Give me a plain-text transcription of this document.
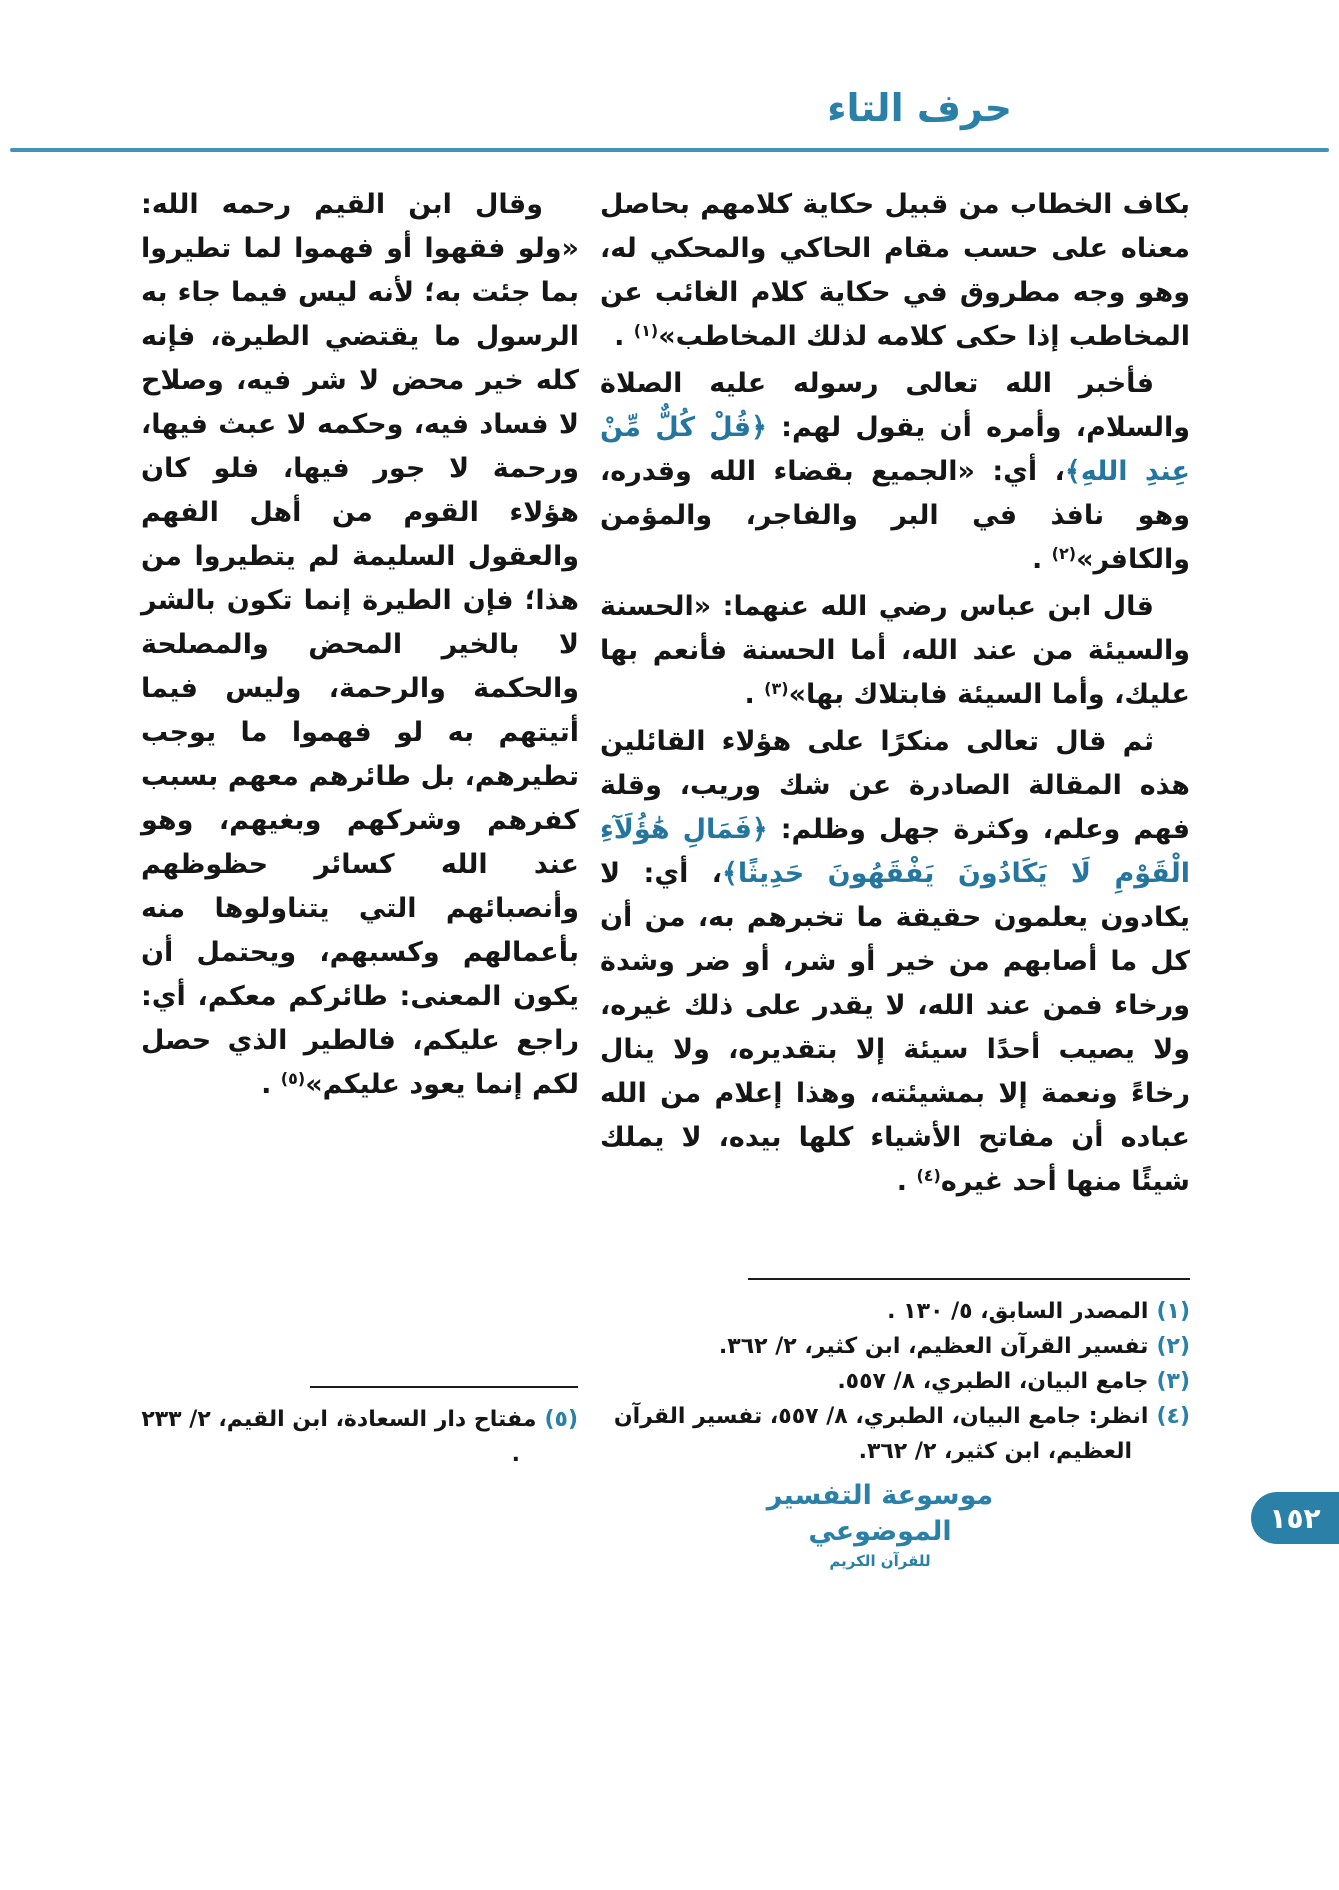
حرف التاء

بكاف الخطاب من قبيل حكاية كلامهم بحاصل معناه على حسب مقام الحاكي والمحكي له، وهو وجه مطروق في حكاية كلام الغائب عن المخاطب إذا حكى كلامه لذلك المخاطب»$^{(١)}$ .

فأخبر الله تعالى رسوله عليه الصلاة والسلام، وأمره أن يقول لهم: ﴿قُلْ كُلٌّ مِّنْ عِندِ اللهِ﴾، أي: «الجميع بقضاء الله وقدره، وهو نافذ في البر والفاجر، والمؤمن والكافر»$^{(٢)}$ .

قال ابن عباس رضي الله عنهما: «الحسنة والسيئة من عند الله، أما الحسنة فأنعم بها عليك، وأما السيئة فابتلاك بها»$^{(٣)}$ .

ثم قال تعالى منكرًا على هؤلاء القائلين هذه المقالة الصادرة عن شك وريب، وقلة فهم وعلم، وكثرة جهل وظلم: ﴿فَمَالِ هَٰؤُلَآءِ الْقَوْمِ لَا يَكَادُونَ يَفْقَهُونَ حَدِيثًا﴾، أي: لا يكادون يعلمون حقيقة ما تخبرهم به، من أن كل ما أصابهم من خير أو شر، أو ضر وشدة ورخاء فمن عند الله، لا يقدر على ذلك غيره، ولا يصيب أحدًا سيئة إلا بتقديره، ولا ينال رخاءً ونعمة إلا بمشيئته، وهذا إعلام من الله عباده أن مفاتح الأشياء كلها بيده، لا يملك شيئًا منها أحد غيره$^{(٤)}$ .

وقال ابن القيم رحمه الله: «ولو فقهوا أو فهموا لما تطيروا بما جئت به؛ لأنه ليس فيما جاء به الرسول ما يقتضي الطيرة، فإنه كله خير محض لا شر فيه، وصلاح لا فساد فيه، وحكمه لا عبث فيها، ورحمة لا جور فيها، فلو كان هؤلاء القوم من أهل الفهم والعقول السليمة لم يتطيروا من هذا؛ فإن الطيرة إنما تكون بالشر لا بالخير المحض والمصلحة والحكمة والرحمة، وليس فيما أتيتهم به لو فهموا ما يوجب تطيرهم، بل طائرهم معهم بسبب كفرهم وشركهم وبغيهم، وهو عند الله كسائر حظوظهم وأنصبائهم التي يتناولوها منه بأعمالهم وكسبهم، ويحتمل أن يكون المعنى: طائركم معكم، أي: راجع عليكم، فالطير الذي حصل لكم إنما يعود عليكم»$^{(٥)}$ .

(١)المصدر السابق، ٥/ ١٣٠ .

(٢)تفسير القرآن العظيم، ابن كثير، ٢/ ٣٦٢.

(٣)جامع البيان، الطبري، ٨/ ٥٥٧.

(٤)انظر: جامع البيان، الطبري، ٨/ ٥٥٧، تفسير القرآن العظيم، ابن كثير، ٢/ ٣٦٢.

(٥)مفتاح دار السعادة، ابن القيم، ٢/ ٢٣٣ .

موسوعة التفسير الموضوعي
للقرآن الكريم
١٥٢
